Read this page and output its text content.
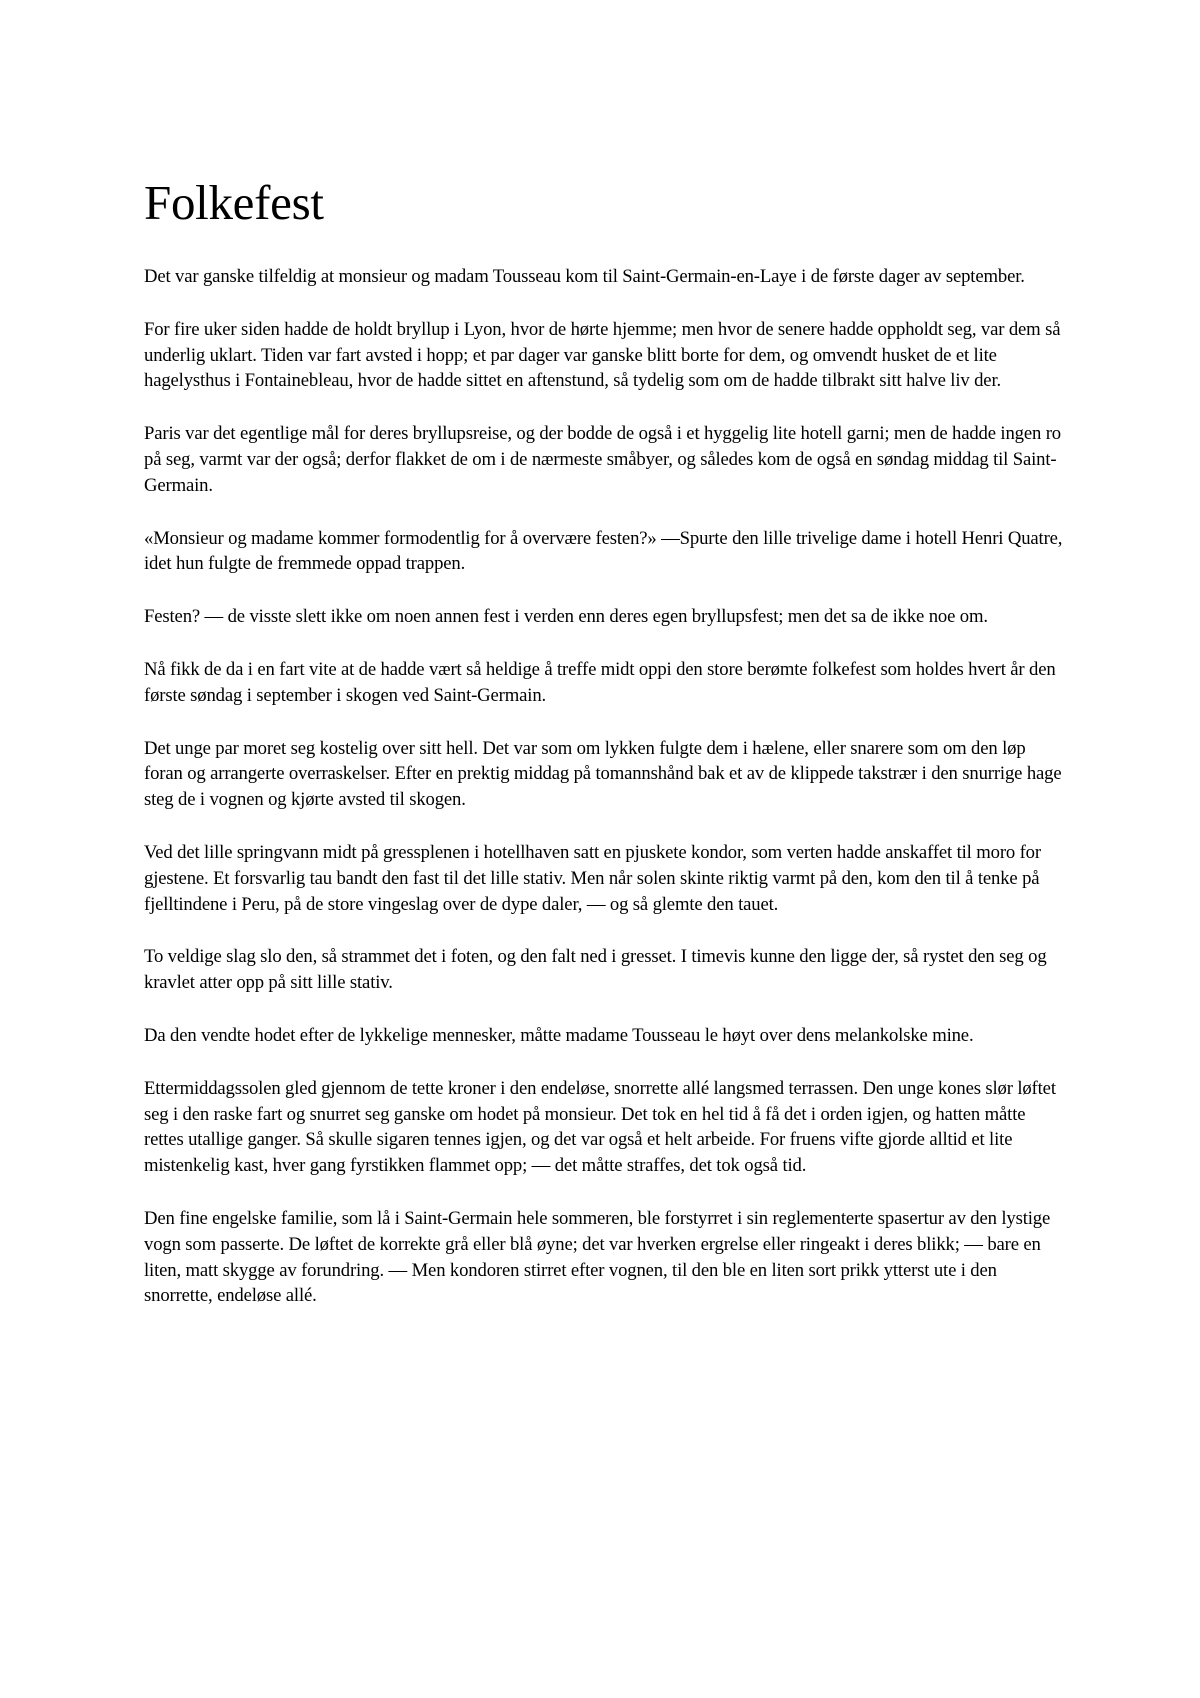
Folkefest

Det var ganske tilfeldig at monsieur og madam Tousseau kom til Saint-Germain-en-Laye i de første dager av september.

For fire uker siden hadde de holdt bryllup i Lyon, hvor de hørte hjemme; men hvor de senere hadde oppholdt seg, var dem så underlig uklart. Tiden var fart avsted i hopp; et par dager var ganske blitt borte for dem, og omvendt husket de et lite hagelysthus i Fontainebleau, hvor de hadde sittet en aftenstund, så tydelig som om de hadde tilbrakt sitt halve liv der.

Paris var det egentlige mål for deres bryllupsreise, og der bodde de også i et hyggelig lite hotell garni; men de hadde ingen ro på seg, varmt var der også; derfor flakket de om i de nærmeste småbyer, og således kom de også en søndag middag til Saint-Germain.

«Monsieur og madame kommer formodentlig for å overvære festen?» —Spurte den lille trivelige dame i hotell Henri Quatre, idet hun fulgte de fremmede oppad trappen.

Festen? — de visste slett ikke om noen annen fest i verden enn deres egen bryllupsfest; men det sa de ikke noe om.

Nå fikk de da i en fart vite at de hadde vært så heldige å treffe midt oppi den store berømte folkefest som holdes hvert år den første søndag i september i skogen ved Saint-Germain.

Det unge par moret seg kostelig over sitt hell. Det var som om lykken fulgte dem i hælene, eller snarere som om den løp foran og arrangerte overraskelser. Efter en prektig middag på tomannshånd bak et av de klippede takstrær i den snurrige hage steg de i vognen og kjørte avsted til skogen.

Ved det lille springvann midt på gressplenen i hotellhaven satt en pjuskete kondor, som verten hadde anskaffet til moro for gjestene. Et forsvarlig tau bandt den fast til det lille stativ. Men når solen skinte riktig varmt på den, kom den til å tenke på fjelltindene i Peru, på de store vingeslag over de dype daler, — og så glemte den tauet.

To veldige slag slo den, så strammet det i foten, og den falt ned i gresset. I timevis kunne den ligge der, så rystet den seg og kravlet atter opp på sitt lille stativ.

Da den vendte hodet efter de lykkelige mennesker, måtte madame Tousseau le høyt over dens melankolske mine.

Ettermiddagssolen gled gjennom de tette kroner i den endeløse, snorrette allé langsmed terrassen. Den unge kones slør løftet seg i den raske fart og snurret seg ganske om hodet på monsieur. Det tok en hel tid å få det i orden igjen, og hatten måtte rettes utallige ganger. Så skulle sigaren tennes igjen, og det var også et helt arbeide. For fruens vifte gjorde alltid et lite mistenkelig kast, hver gang fyrstikken flammet opp; — det måtte straffes, det tok også tid.

Den fine engelske familie, som lå i Saint-Germain hele sommeren, ble forstyrret i sin reglementerte spasertur av den lystige vogn som passerte. De løftet de korrekte grå eller blå øyne; det var hverken ergrelse eller ringeakt i deres blikk; — bare en liten, matt skygge av forundring. — Men kondoren stirret efter vognen, til den ble en liten sort prikk ytterst ute i den snorrette, endeløse allé.
